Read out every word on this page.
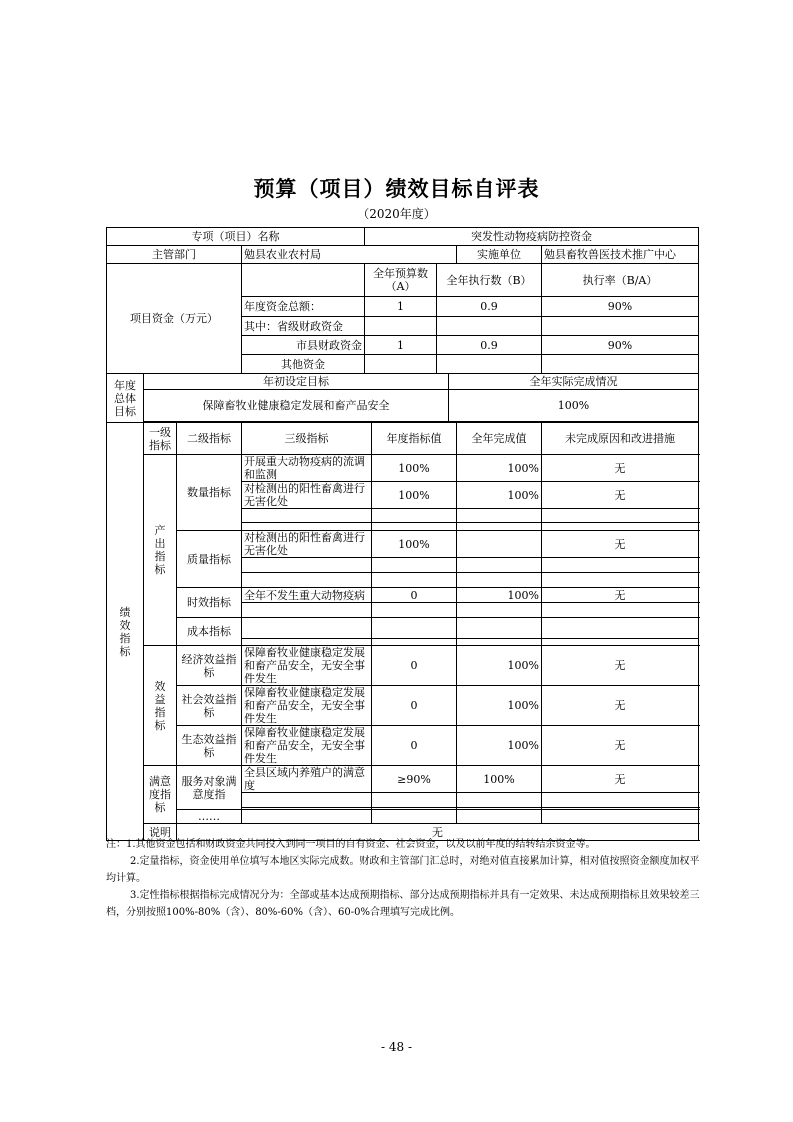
预算（项目）绩效目标自评表
（2020年度）
专项（项目）名称				突发性动物疫病防控资金					
主管部门			勉县农业农村局					实施单位	勉县畜牧兽医技术推广中心
项目资金（万元）				全年预算数（A）		全年执行数（B）			执行率（B/A）
			年度资金总额：	1		0.9			90%
			其中：省级财政资金						
			市县财政资金	1		0.9			90%
			其他资金						
年度总体目标	年初设定目标						全年实际完成情况		
	保障畜牧业健康稳定发展和畜产品安全						100%		

绩效指标	一级指标	二级指标	三级指标		年度指标值			全年完成值	未完成原因和改进措施

	产出指标	数量指标	开展重大动物疫病的流调和监测		100%			100%	无
			对检测出的阳性畜禽进行无害化处		100%			100%	无

		质量指标	对检测出的阳性畜禽进行无害化处		100%				无

		时效指标	全年不发生重大动物疫病		0			100%	无

		成本指标				

	效益指标	经济效益指标	保障畜牧业健康稳定发展和畜产品安全，无安全事件发生		0			100%	无
		社会效益指标	保障畜牧业健康稳定发展和畜产品安全，无安全事件发生		0			100%	无
		生态效益指标	保障畜牧业健康稳定发展和畜产品安全，无安全事件发生		0			100%	无

	满意度指标	服务对象满意度指	全县区域内养殖户的满意度		≥90%			100%	无

		……							
	说明	无							

注：1.其他资金包括和财政资金共同投入到同一项目的自有资金、社会资金，以及以前年度的结转结余资金等。

2.定量指标，资金使用单位填写本地区实际完成数。财政和主管部门汇总时，对绝对值直接累加计算，相对值按照资金额度加权平均计算。

3.定性指标根据指标完成情况分为：全部或基本达成预期指标、部分达成预期指标并具有一定效果、未达成预期指标且效果较差三档，分别按照100%-80%（含）、80%-60%（含）、60-0%合理填写完成比例。

- 48 -
